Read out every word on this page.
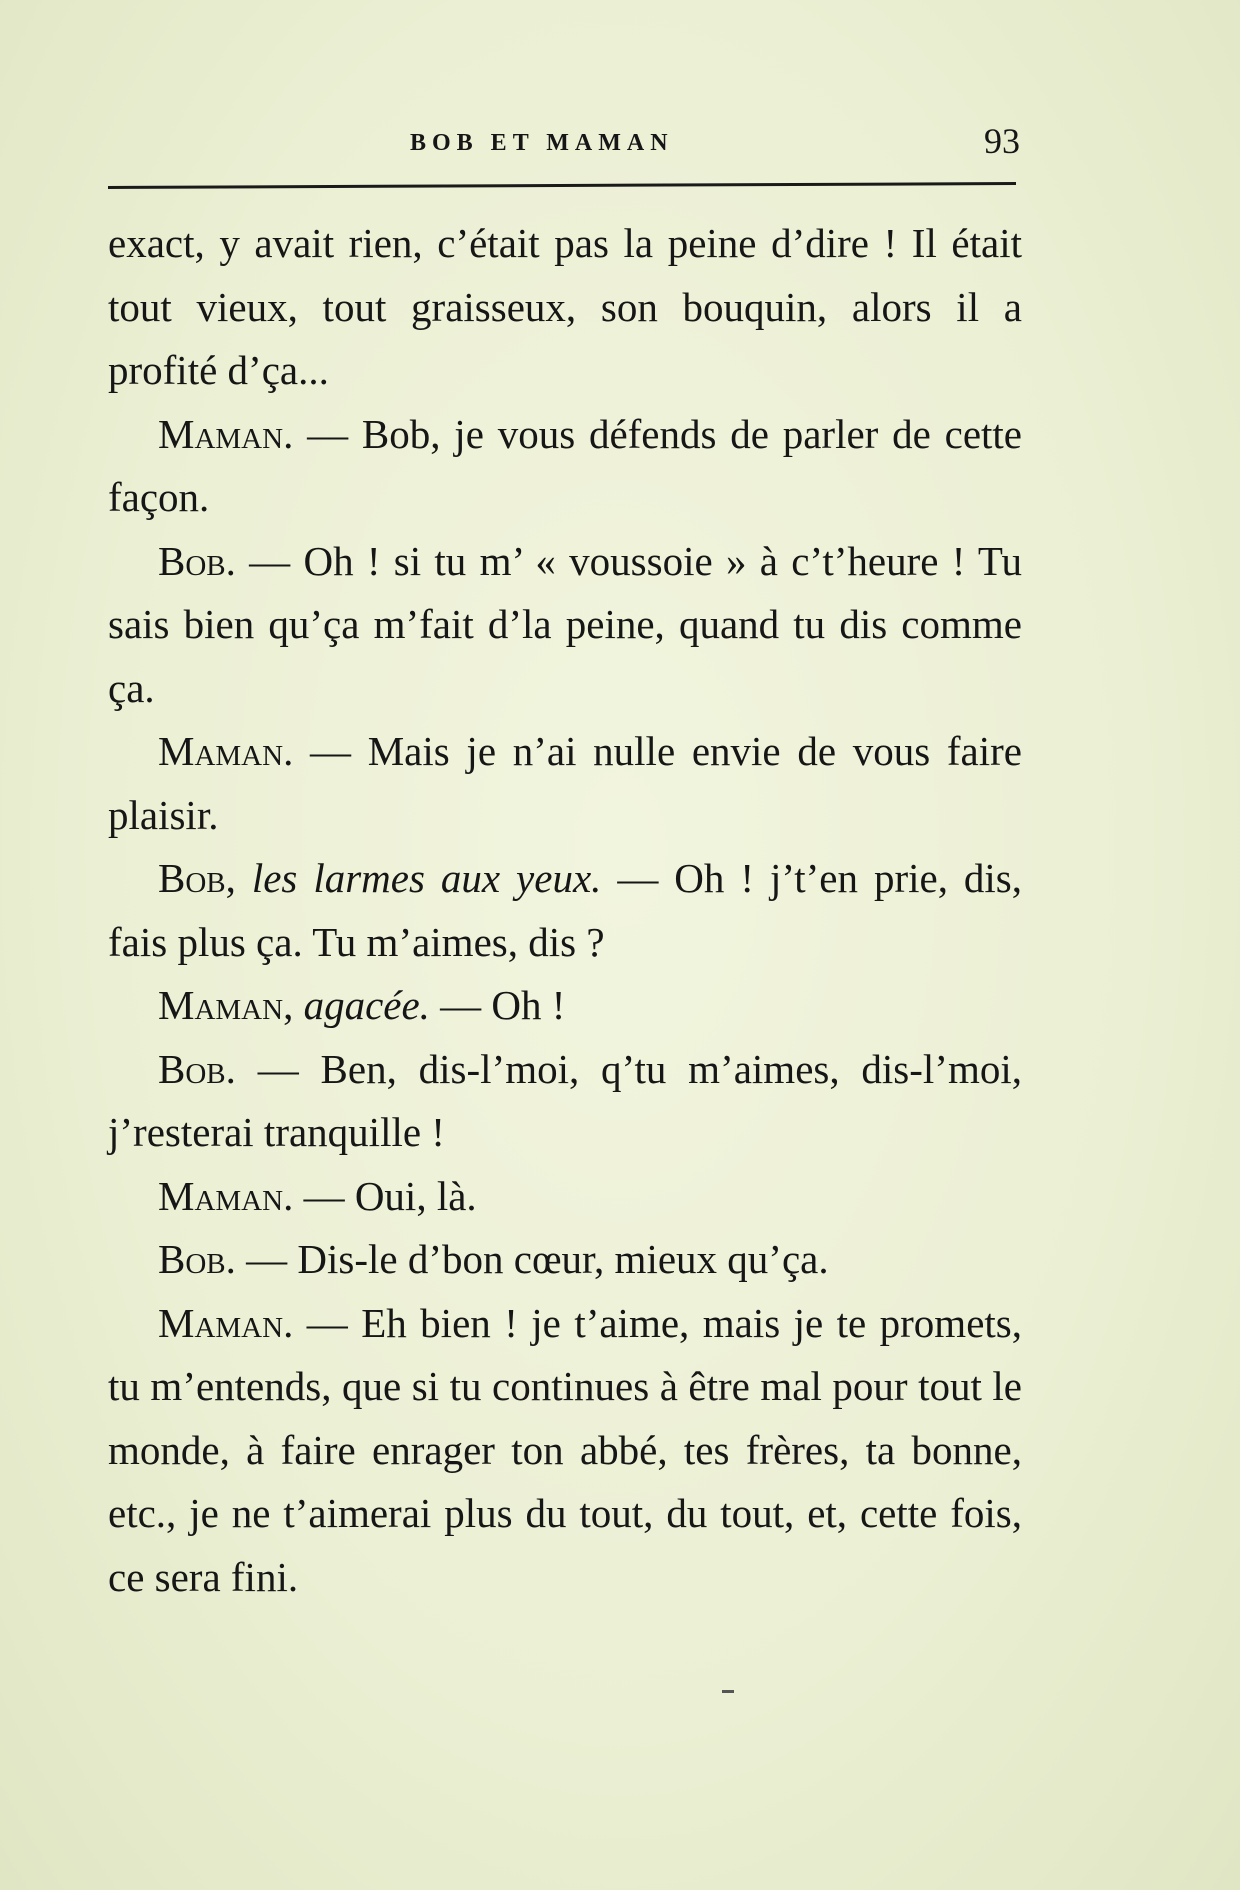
BOB ET MAMAN	93

exact, y avait rien, c’était pas la peine d’dire ! Il était tout vieux, tout graisseux, son bouquin, alors il a profité d’ça...

Maman. — Bob, je vous défends de parler de cette façon.

Bob. — Oh ! si tu m’ « voussoie » à c’t’heure ! Tu sais bien qu’ça m’fait d’la peine, quand tu dis comme ça.

Maman. — Mais je n’ai nulle envie de vous faire plaisir.

Bob, les larmes aux yeux. — Oh ! j’t’en prie, dis, fais plus ça. Tu m’aimes, dis ?

Maman, agacée. — Oh !

Bob. — Ben, dis-l’moi, q’tu m’aimes, dis-l’moi, j’resterai tranquille !

Maman. — Oui, là.

Bob. — Dis-le d’bon cœur, mieux qu’ça.

Maman. — Eh bien ! je t’aime, mais je te promets, tu m’entends, que si tu continues à être mal pour tout le monde, à faire enrager ton abbé, tes frères, ta bonne, etc., je ne t’aimerai plus du tout, du tout, et, cette fois, ce sera fini.
